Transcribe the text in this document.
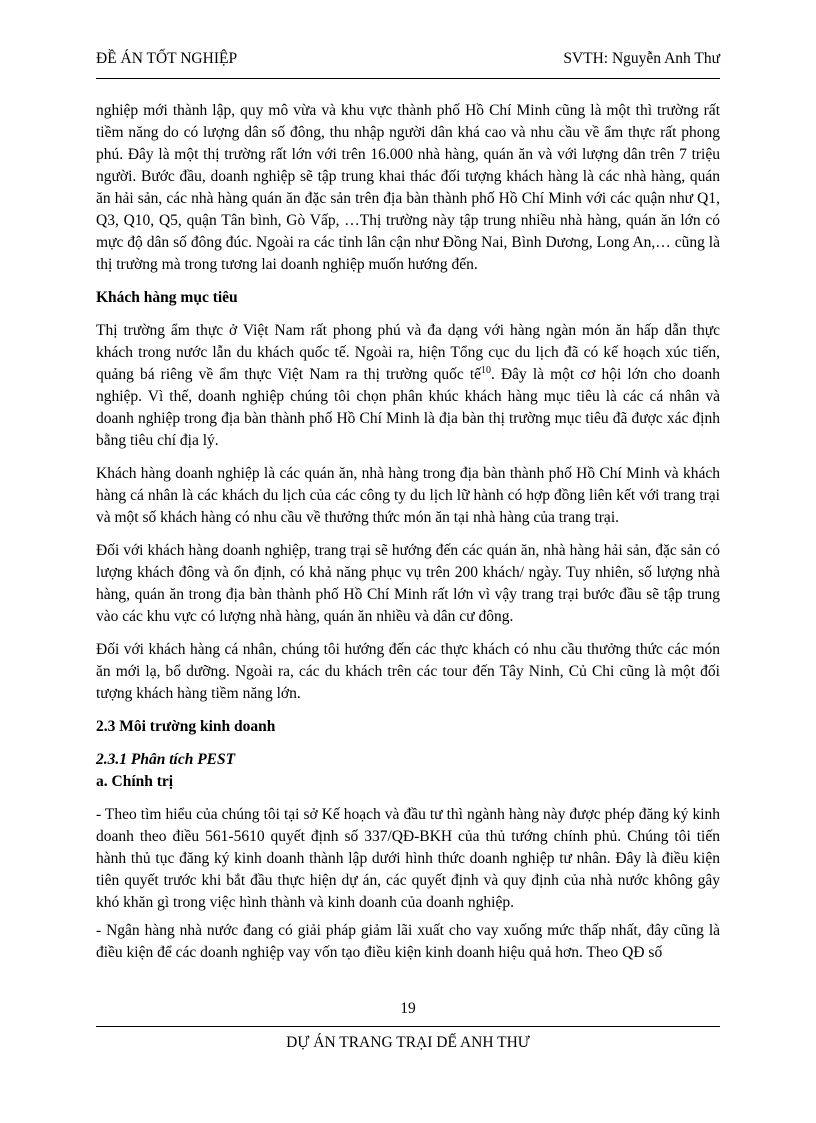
ĐỀ ÁN TỐT NGHIỆP	SVTH: Nguyễn Anh Thư

nghiệp mới thành lập, quy mô vừa và khu vực thành phố Hồ Chí Minh cũng là một thì trường rất tiềm năng do có lượng dân số đông, thu nhập người dân khá cao và nhu cầu về ẩm thực rất phong phú. Đây là một thị trường rất lớn với trên 16.000 nhà hàng, quán ăn và với lượng dân trên 7 triệu người. Bước đầu, doanh nghiệp sẽ tập trung khai thác đối tượng khách hàng là các nhà hàng, quán ăn hải sản, các nhà hàng quán ăn đặc sản trên địa bàn thành phố Hồ Chí Minh với các quận như Q1, Q3, Q10, Q5, quận Tân bình, Gò Vấp, …Thị trường này tập trung nhiều nhà hàng, quán ăn lớn có mực độ dân số đông đúc. Ngoài ra các tỉnh lân cận như Đồng Nai, Bình Dương, Long An,… cũng là thị trường mà trong tương lai doanh nghiệp muốn hướng đến.

Khách hàng mục tiêu

Thị trường ẩm thực ở Việt Nam rất phong phú và đa dạng với hàng ngàn món ăn hấp dẫn thực khách trong nước lẫn du khách quốc tế. Ngoài ra, hiện Tổng cục du lịch đã có kế hoạch xúc tiến, quảng bá riêng về ẩm thực Việt Nam ra thị trường quốc tế$^{10}$. Đây là một cơ hội lớn cho doanh nghiệp. Vì thế, doanh nghiệp chúng tôi chọn phân khúc khách hàng mục tiêu là các cá nhân và doanh nghiệp trong địa bàn thành phố Hồ Chí Minh là địa bàn thị trường mục tiêu đã được xác định bằng tiêu chí địa lý.

Khách hàng doanh nghiệp là các quán ăn, nhà hàng trong địa bàn thành phố Hồ Chí Minh và khách hàng cá nhân là các khách du lịch của các công ty du lịch lữ hành có hợp đồng liên kết với trang trại và một số khách hàng có nhu cầu về thưởng thức món ăn tại nhà hàng của trang trại.

Đối với khách hàng doanh nghiệp, trang trại sẽ hướng đến các quán ăn, nhà hàng hải sản, đặc sản có lượng khách đông và ổn định, có khả năng phục vụ trên 200 khách/ ngày. Tuy nhiên, số lượng nhà hàng, quán ăn trong địa bàn thành phố Hồ Chí Minh rất lớn vì vậy trang trại bước đầu sẽ tập trung vào các khu vực có lượng nhà hàng, quán ăn nhiều và dân cư đông.

Đối với khách hàng cá nhân, chúng tôi hướng đến các thực khách có nhu cầu thưởng thức các món ăn mới lạ, bổ dưỡng. Ngoài ra, các du khách trên các tour đến Tây Ninh, Củ Chi cũng là một đối tượng khách hàng tiềm năng lớn.

2.3 Môi trường kinh doanh

2.3.1 Phân tích PEST

a. Chính trị

- Theo tìm hiểu của chúng tôi tại sở Kế hoạch và đầu tư thì ngành hàng này được phép đăng ký kinh doanh theo điều 561-5610 quyết định số 337/QĐ-BKH của thủ tướng chính phủ. Chúng tôi tiến hành thủ tục đăng ký kinh doanh thành lập dưới hình thức doanh nghiệp tư nhân. Đây là điều kiện tiên quyết trước khi bắt đầu thực hiện dự án, các quyết định và quy định của nhà nước không gây khó khăn gì trong việc hình thành và kinh doanh của doanh nghiệp.

- Ngân hàng nhà nước đang có giải pháp giảm lãi xuất cho vay xuống mức thấp nhất, đây cũng là điều kiện để các doanh nghiệp vay vốn tạo điều kiện kinh doanh hiệu quả hơn. Theo QĐ số

19
DỰ ÁN TRANG TRẠI DẾ ANH THƯ
